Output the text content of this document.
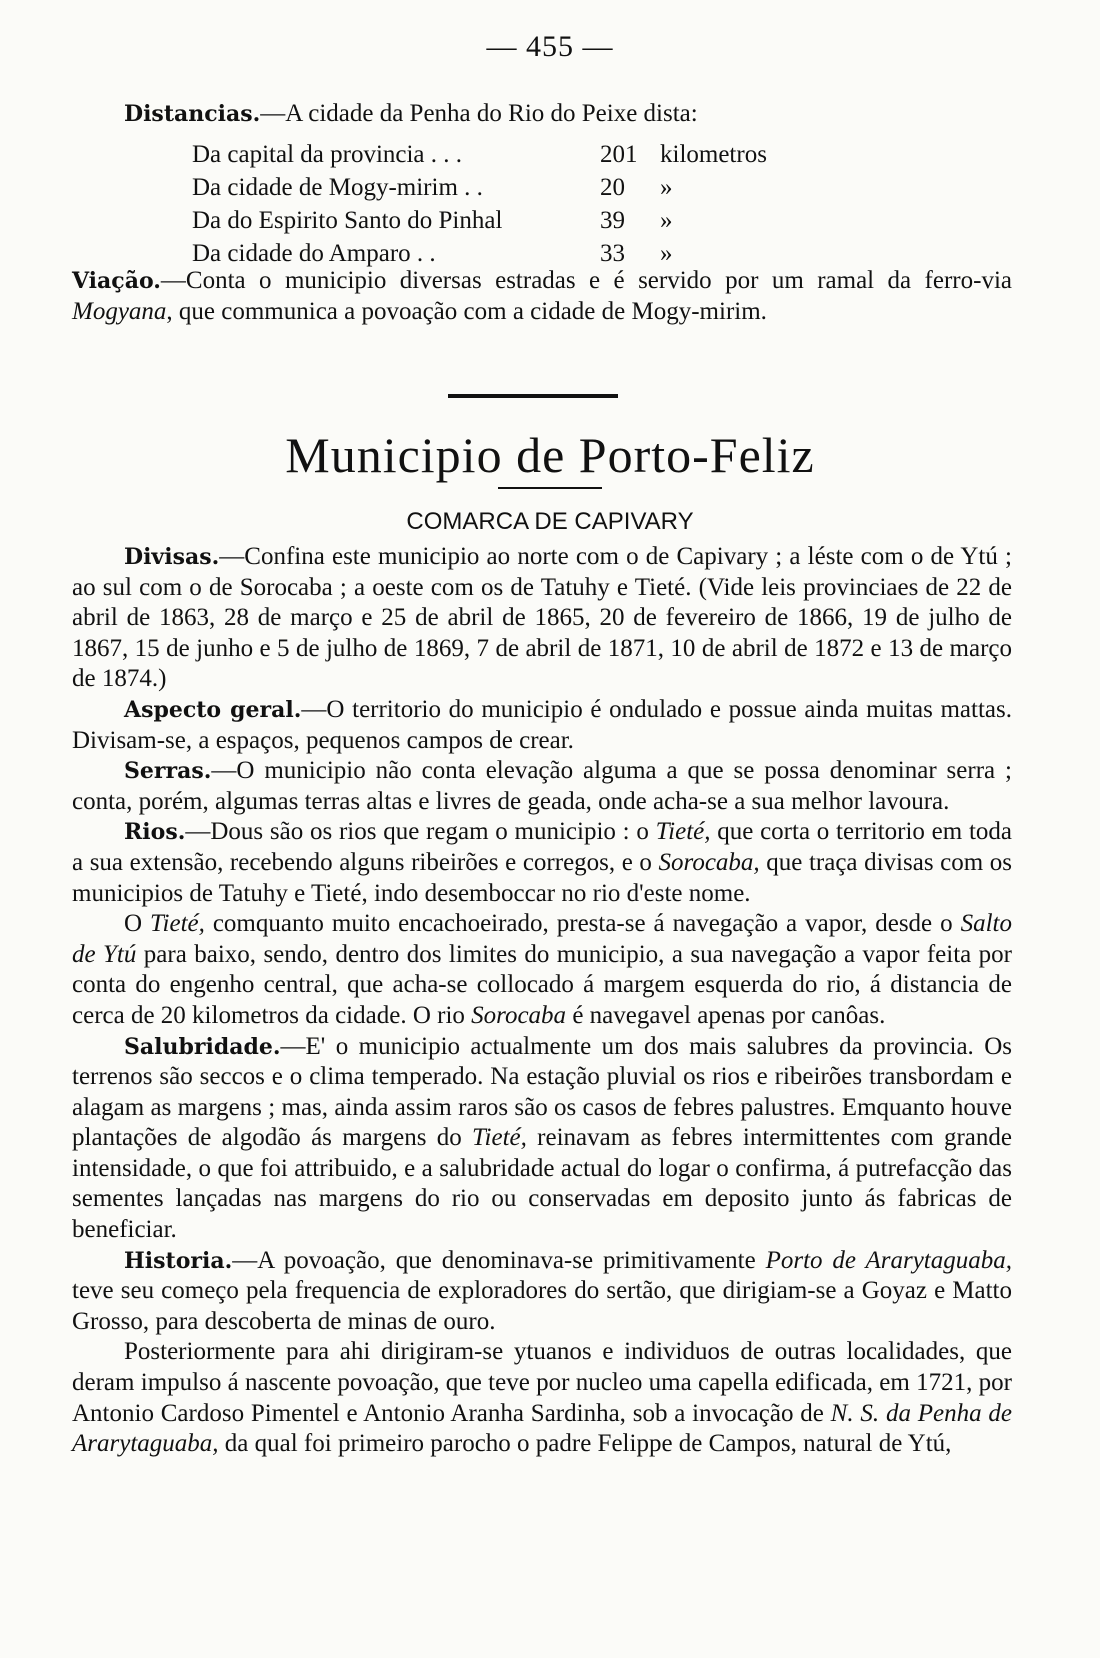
— 455 —
Distancias.—A cidade da Penha do Rio do Peixe dista:
Da capital da provincia . . .	201 kilometros
Da cidade de Mogy-mirim . .	20	»
Da do Espirito Santo do Pinhal	39	»
Da cidade do Amparo . .	33	»

Viação.—Conta o municipio diversas estradas e é servido por um ramal da ferro-via Mogyana, que communica a povoação com a cidade de Mogy-mirim.

Municipio de Porto-Feliz
COMARCA DE CAPIVARY

Divisas.—Confina este municipio ao norte com o de Capivary ; a léste com o de Ytú ; ao sul com o de Sorocaba ; a oeste com os de Tatuhy e Tieté. (Vide leis provinciaes de 22 de abril de 1863, 28 de março e 25 de abril de 1865, 20 de fevereiro de 1866, 19 de julho de 1867, 15 de junho e 5 de julho de 1869, 7 de abril de 1871, 10 de abril de 1872 e 13 de março de 1874.)

Aspecto geral.—O territorio do municipio é ondulado e possue ainda muitas mattas. Divisam-se, a espaços, pequenos campos de crear.

Serras.—O municipio não conta elevação alguma a que se possa denominar serra ; conta, porém, algumas terras altas e livres de geada, onde acha-se a sua melhor lavoura.

Rios.—Dous são os rios que regam o municipio : o Tieté, que corta o territorio em toda a sua extensão, recebendo alguns ribeirões e corregos, e o Sorocaba, que traça divisas com os municipios de Tatuhy e Tieté, indo desemboccar no rio d'este nome.

O Tieté, comquanto muito encachoeirado, presta-se á navegação a vapor, desde o Salto de Ytú para baixo, sendo, dentro dos limites do municipio, a sua navegação a vapor feita por conta do engenho central, que acha-se collocado á margem esquerda do rio, á distancia de cerca de 20 kilometros da cidade. O rio Sorocaba é navegavel apenas por canôas.

Salubridade.—E' o municipio actualmente um dos mais salubres da provincia. Os terrenos são seccos e o clima temperado. Na estação pluvial os rios e ribeirões transbordam e alagam as margens ; mas, ainda assim raros são os casos de febres palustres. Emquanto houve plantações de algodão ás margens do Tieté, reinavam as febres intermittentes com grande intensidade, o que foi attribuido, e a salubridade actual do logar o confirma, á putrefacção das sementes lançadas nas margens do rio ou conservadas em deposito junto ás fabricas de beneficiar.

Historia.—A povoação, que denominava-se primitivamente Porto de Ararytaguaba, teve seu começo pela frequencia de exploradores do sertão, que dirigiam-se a Goyaz e Matto Grosso, para descoberta de minas de ouro.

Posteriormente para ahi dirigiram-se ytuanos e individuos de outras localidades, que deram impulso á nascente povoação, que teve por nucleo uma capella edificada, em 1721, por Antonio Cardoso Pimentel e Antonio Aranha Sardinha, sob a invocação de N. S. da Penha de Ararytaguaba, da qual foi primeiro parocho o padre Felippe de Campos, natural de Ytú,
